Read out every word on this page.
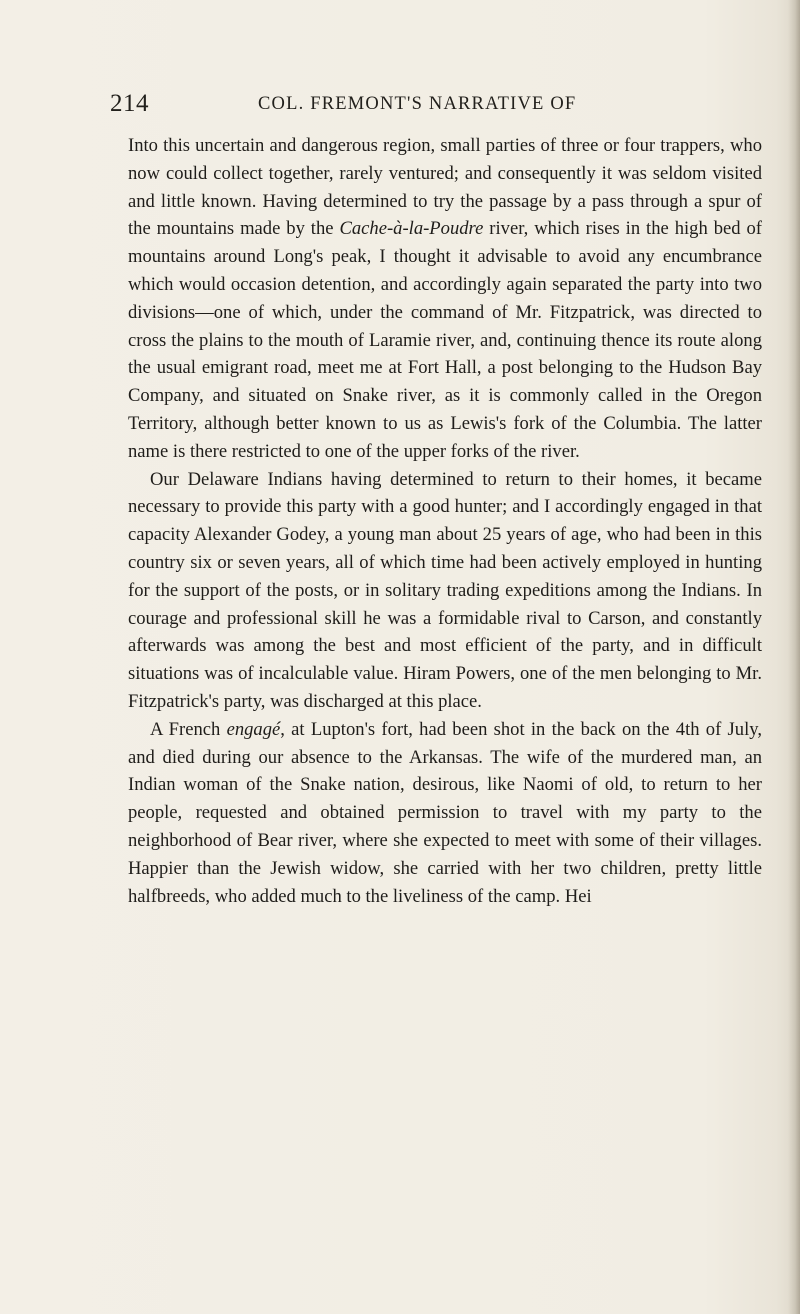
214	COL. FREMONT'S NARRATIVE OF

Into this uncertain and dangerous region, small parties of three or four trappers, who now could collect together, rarely ventured; and consequently it was seldom visited and little known. Having determined to try the passage by a pass through a spur of the mountains made by the Cache-à-la-Poudre river, which rises in the high bed of mountains around Long's peak, I thought it advisable to avoid any encumbrance which would occasion detention, and accordingly again separated the party into two divisions—one of which, under the command of Mr. Fitzpatrick, was directed to cross the plains to the mouth of Laramie river, and, continuing thence its route along the usual emigrant road, meet me at Fort Hall, a post belonging to the Hudson Bay Company, and situated on Snake river, as it is commonly called in the Oregon Territory, although better known to us as Lewis's fork of the Columbia. The latter name is there restricted to one of the upper forks of the river.

Our Delaware Indians having determined to return to their homes, it became necessary to provide this party with a good hunter; and I accordingly engaged in that capacity Alexander Godey, a young man about 25 years of age, who had been in this country six or seven years, all of which time had been actively employed in hunting for the support of the posts, or in solitary trading expeditions among the Indians. In courage and professional skill he was a formidable rival to Carson, and constantly afterwards was among the best and most efficient of the party, and in difficult situations was of incalculable value. Hiram Powers, one of the men belonging to Mr. Fitzpatrick's party, was discharged at this place.

A French engagé, at Lupton's fort, had been shot in the back on the 4th of July, and died during our absence to the Arkansas. The wife of the murdered man, an Indian woman of the Snake nation, desirous, like Naomi of old, to return to her people, requested and obtained permission to travel with my party to the neighborhood of Bear river, where she expected to meet with some of their villages. Happier than the Jewish widow, she carried with her two children, pretty little halfbreeds, who added much to the liveliness of the camp. Hei
